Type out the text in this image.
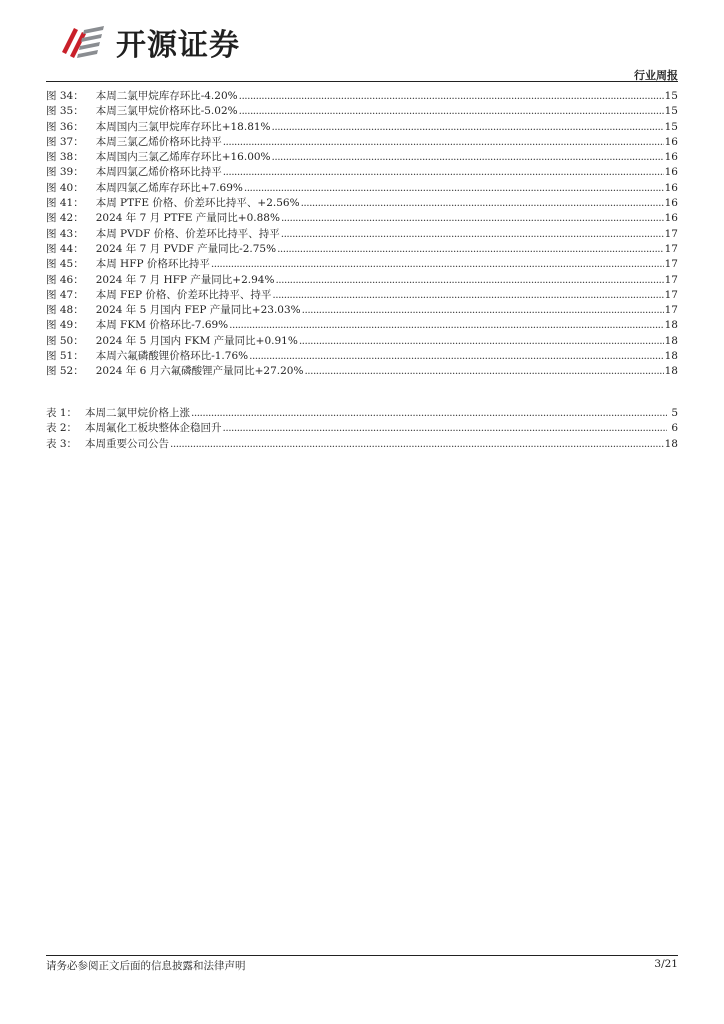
开源证券
行业周报
图 34： 本周二氯甲烷库存环比-4.20% .....	15
图 35： 本周三氯甲烷价格环比-5.02% .....	15
图 36： 本周国内三氯甲烷库存环比+18.81% .....	15
图 37： 本周三氯乙烯价格环比持平 .....	16
图 38： 本周国内三氯乙烯库存环比+16.00% .....	16
图 39： 本周四氯乙烯价格环比持平 .....	16
图 40： 本周四氯乙烯库存环比+7.69% .....	16
图 41： 本周 PTFE 价格、价差环比持平、+2.56% .....	16
图 42： 2024 年 7 月 PTFE 产量同比+0.88% .....	16
图 43： 本周 PVDF 价格、价差环比持平、持平 .....	17
图 44： 2024 年 7 月 PVDF 产量同比-2.75% .....	17
图 45： 本周 HFP 价格环比持平 .....	17
图 46： 2024 年 7 月 HFP 产量同比+2.94% .....	17
图 47： 本周 FEP 价格、价差环比持平、持平 .....	17
图 48： 2024 年 5 月国内 FEP 产量同比+23.03% .....	17
图 49： 本周 FKM 价格环比-7.69% .....	18
图 50： 2024 年 5 月国内 FKM 产量同比+0.91% .....	18
图 51： 本周六氟磷酸锂价格环比-1.76% .....	18
图 52： 2024 年 6 月六氟磷酸锂产量同比+27.20% .....	18
表 1： 本周二氯甲烷价格上涨 .....	5
表 2： 本周氟化工板块整体企稳回升 .....	6
表 3： 本周重要公司公告 .....	18
请务必参阅正文后面的信息披露和法律声明	3/21
